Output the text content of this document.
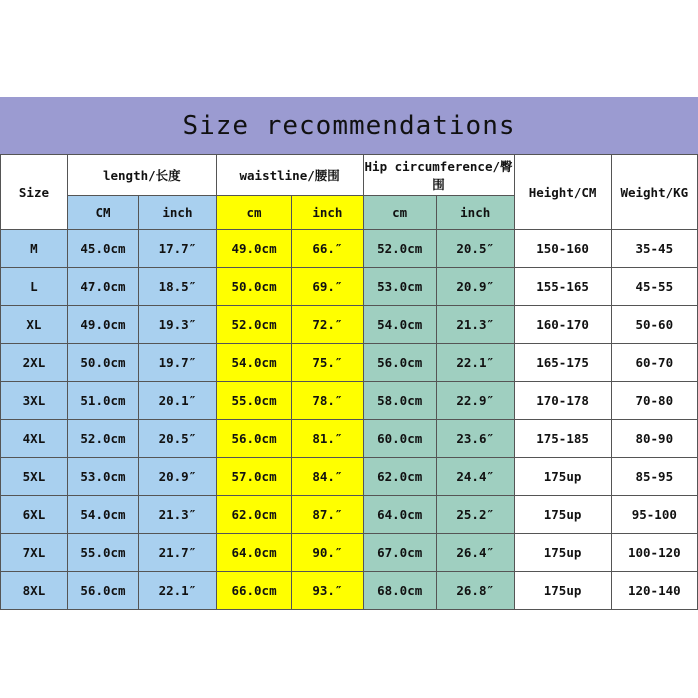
Size recommendations
Size	length/长度		waistline/腰围		Hip circumference/臀围		Height/CM	Weight/KG
	CM	inch	cm	inch	cm	inch		
M	45.0cm	17.7″	49.0cm	66.″	52.0cm	20.5″	150-160	35-45
L	47.0cm	18.5″	50.0cm	69.″	53.0cm	20.9″	155-165	45-55
XL	49.0cm	19.3″	52.0cm	72.″	54.0cm	21.3″	160-170	50-60
2XL	50.0cm	19.7″	54.0cm	75.″	56.0cm	22.1″	165-175	60-70
3XL	51.0cm	20.1″	55.0cm	78.″	58.0cm	22.9″	170-178	70-80
4XL	52.0cm	20.5″	56.0cm	81.″	60.0cm	23.6″	175-185	80-90
5XL	53.0cm	20.9″	57.0cm	84.″	62.0cm	24.4″	175up	85-95
6XL	54.0cm	21.3″	62.0cm	87.″	64.0cm	25.2″	175up	95-100
7XL	55.0cm	21.7″	64.0cm	90.″	67.0cm	26.4″	175up	100-120
8XL	56.0cm	22.1″	66.0cm	93.″	68.0cm	26.8″	175up	120-140
